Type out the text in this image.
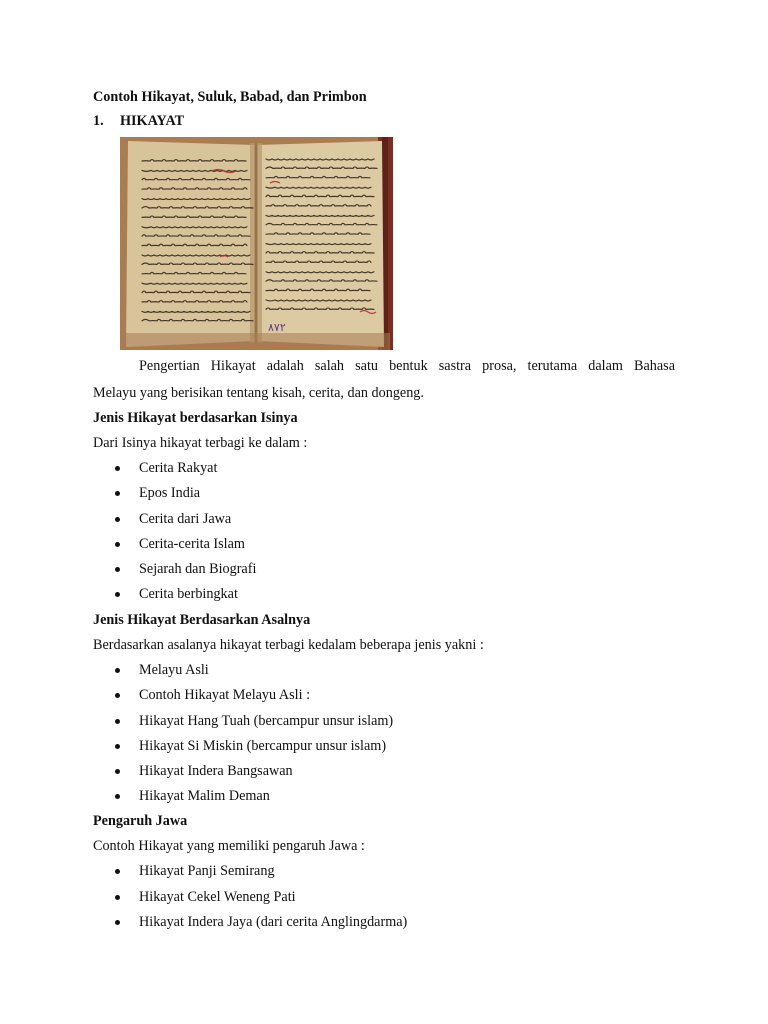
Contoh Hikayat, Suluk, Babad, dan Primbon
1. HIKAYAT
۸۷۲
Pengertian Hikayat adalah salah satu bentuk sastra prosa, terutama dalam Bahasa
Melayu yang berisikan tentang kisah, cerita, dan dongeng.
Jenis Hikayat berdasarkan Isinya
Dari Isinya hikayat terbagi ke dalam :
Cerita Rakyat
Epos India
Cerita dari Jawa
Cerita-cerita Islam
Sejarah dan Biografi
Cerita berbingkat
Jenis Hikayat Berdasarkan Asalnya
Berdasarkan asalanya hikayat terbagi kedalam beberapa jenis yakni :
Melayu Asli
Contoh Hikayat Melayu Asli :
Hikayat Hang Tuah (bercampur unsur islam)
Hikayat Si Miskin (bercampur unsur islam)
Hikayat Indera Bangsawan
Hikayat Malim Deman
Pengaruh Jawa
Contoh Hikayat yang memiliki pengaruh Jawa :
Hikayat Panji Semirang
Hikayat Cekel Weneng Pati
Hikayat Indera Jaya (dari cerita Anglingdarma)
